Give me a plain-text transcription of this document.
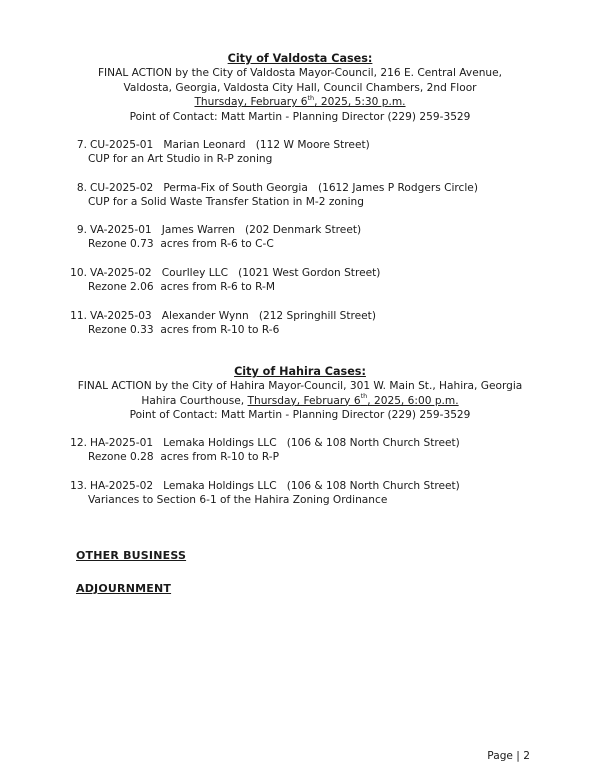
City of Valdosta Cases:
FINAL ACTION by the City of Valdosta Mayor-Council, 216 E. Central Avenue,
Valdosta, Georgia, Valdosta City Hall, Council Chambers, 2nd Floor
Thursday, February 6th, 2025, 5:30 p.m.
Point of Contact: Matt Martin - Planning Director (229) 259-3529
7. CU-2025-01   Marian Leonard   (112 W Moore Street)
CUP for an Art Studio in R-P zoning
8. CU-2025-02   Perma-Fix of South Georgia   (1612 James P Rodgers Circle)
CUP for a Solid Waste Transfer Station in M-2 zoning
9. VA-2025-01   James Warren   (202 Denmark Street)
Rezone 0.73  acres from R-6 to C-C
10. VA-2025-02   Courlley LLC   (1021 West Gordon Street)
Rezone 2.06  acres from R-6 to R-M
11. VA-2025-03   Alexander Wynn   (212 Springhill Street)
Rezone 0.33  acres from R-10 to R-6
City of Hahira Cases:
FINAL ACTION by the City of Hahira Mayor-Council, 301 W. Main St., Hahira, Georgia
Hahira Courthouse, Thursday, February 6th, 2025, 6:00 p.m.
Point of Contact: Matt Martin - Planning Director (229) 259-3529
12. HA-2025-01   Lemaka Holdings LLC   (106 & 108 North Church Street)
Rezone 0.28  acres from R-10 to R-P
13. HA-2025-02   Lemaka Holdings LLC   (106 & 108 North Church Street)
Variances to Section 6-1 of the Hahira Zoning Ordinance
OTHER BUSINESS
ADJOURNMENT
Page | 2
